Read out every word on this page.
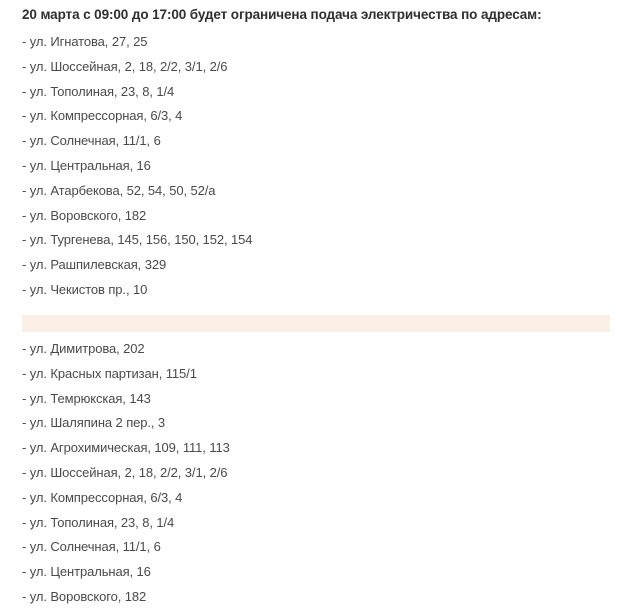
20 марта с 09:00 до 17:00 будет ограничена подача электричества по адресам:
- ул. Игнатова, 27, 25
- ул. Шоссейная, 2, 18, 2/2, 3/1, 2/6
- ул. Тополиная, 23, 8, 1/4
- ул. Компрессорная, 6/3, 4
- ул. Солнечная, 11/1, 6
- ул. Центральная, 16
- ул. Атарбекова, 52, 54, 50, 52/а
- ул. Воровского, 182
- ул. Тургенева, 145, 156, 150, 152, 154
- ул. Рашпилевская, 329
- ул. Чекистов пр., 10
- ул. Димитрова, 202
- ул. Красных партизан, 115/1
- ул. Темрюкская, 143
- ул. Шаляпина 2 пер., 3
- ул. Агрохимическая, 109, 111, 113
- ул. Шоссейная, 2, 18, 2/2, 3/1, 2/6
- ул. Компрессорная, 6/3, 4
- ул. Тополиная, 23, 8, 1/4
- ул. Солнечная, 11/1, 6
- ул. Центральная, 16
- ул. Воровского, 182
